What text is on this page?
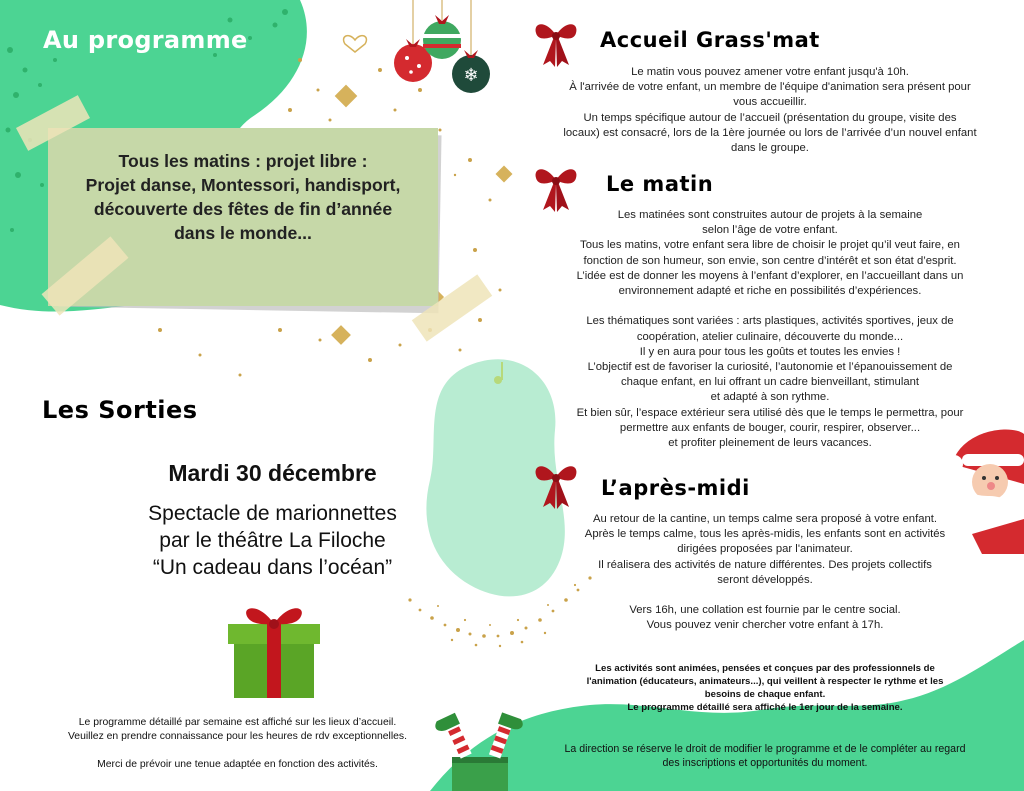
❄
Au programme
Tous les matins : projet libre :
Projet danse, Montessori, handisport,
découverte des fêtes de fin d’année
dans le monde...
Les Sorties
Mardi 30 décembre
Spectacle de marionnettes
par le théâtre La Filoche
“Un cadeau dans l’océan”
Le programme détaillé par semaine est affiché sur les lieux d’accueil.
Veuillez en prendre connaissance pour les heures de rdv exceptionnelles.
Merci de prévoir une tenue adaptée en fonction des activités.
Accueil Grass'mat
Le matin vous pouvez amener votre enfant jusqu'à 10h.
À l'arrivée de votre enfant, un membre de l'équipe d'animation sera présent pour
vous accueillir.
Un temps spécifique autour de l’accueil (présentation du groupe, visite des
locaux) est consacré, lors de la 1ère journée ou lors de l’arrivée d’un nouvel enfant
dans le groupe.
Le matin
Les matinées sont construites autour de projets à la semaine
selon l’âge de votre enfant.
Tous les matins, votre enfant sera libre de choisir le projet qu’il veut faire, en
fonction de son humeur, son envie, son centre d’intérêt et son état d’esprit.
L’idée est de donner les moyens à l’enfant d’explorer, en l’accueillant dans un
environnement adapté et riche en possibilités d’expériences.
Les thématiques sont variées : arts plastiques, activités sportives, jeux de
coopération, atelier culinaire, découverte du monde...
Il y en aura pour tous les goûts et toutes les envies !
L’objectif est de favoriser la curiosité, l’autonomie et l’épanouissement de
chaque enfant, en lui offrant un cadre bienveillant, stimulant
et adapté à son rythme.
Et bien sûr, l’espace extérieur sera utilisé dès que le temps le permettra, pour
permettre aux enfants de bouger, courir, respirer, observer...
et profiter pleinement de leurs vacances.
L’après-midi
Au retour de la cantine, un temps calme sera proposé à votre enfant.
Après le temps calme, tous les après-midis, les enfants sont en activités
dirigées proposées par l'animateur.
Il réalisera des activités de nature différentes. Des projets collectifs
seront développés.
Vers 16h, une collation est fournie par le centre social.
Vous pouvez venir chercher votre enfant à 17h.
Les activités sont animées, pensées et conçues par des professionnels de
l'animation (éducateurs, animateurs...), qui veillent à respecter le rythme et les
besoins de chaque enfant.
Le programme détaillé sera affiché le 1er jour de la semaine.
La direction se réserve le droit de modifier le programme et de le compléter au regard
des inscriptions et opportunités du moment.
